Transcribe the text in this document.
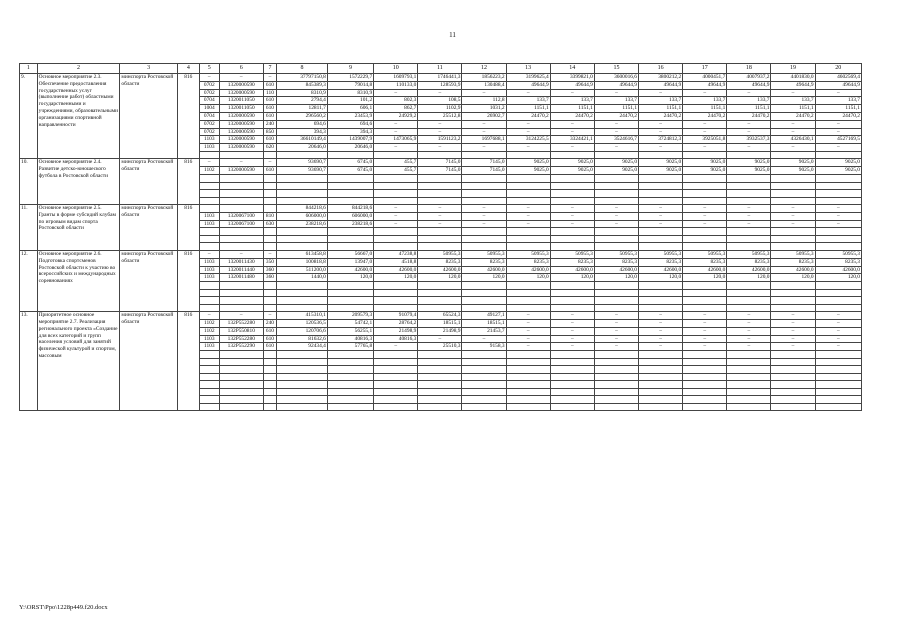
11
1	2	3	4	5	6	7	8	9	10	11	12	13	14	15	16	17	18	19	20
9.	Основное мероприятие 2.3. Обеспечение предоставления государственных услуг (выполнение работ) областными государственными и учреждениями, образовательными организациями спортивной направленности	минспорта Ростовской области	816	–	–	–	37797150,8	1572229,7	1609793,1	1746441,3	1856223,2	3199625,4	3399821,0	3600016,6	3800212,2	4000451,7	4007937,2	4401830,0	4602569,4
				0702	1320000590	610	845389,3	79014,8	110133,0	128593,9	130488,4	49644,9	49644,9	49644,9	49644,9	49644,9	49644,9	49644,9	49644,9
				0702	1320000590	110	8310,9	8310,9	–	–	–	–	–	–	–	–	–	–	–
				0704	1320011050	610	2794,4	101,2	802,3	108,5	112,8	133,7	133,7	133,7	133,7	133,7	133,7	133,7	133,7
				1004	1320011050	610	12811,7	606,1	862,7	1102,9	1031,2	1151,1	1151,1	1151,1	1151,1	1151,1	1151,1	1151,1	1151,1
				0704	1320000590	610	296560,2	23453,9	24929,2	25512,8	26902,7	24470,2	24470,2	24470,2	24470,2	24470,2	24470,2	24470,2	24470,2
				0702	1320000590	240	694,6	694,6	–	–	–	–	–	–	–	–	–	–	–
				0702	1320000590	850	394,3	394,3	–	–	–	–	–	–	–	–	–	–	–
				1103	1320000590	610	36610149,4	1439007,9	1473065,9	1591123,2	1697688,1	3124225,5	3324421,1	3524616,7	3724812,3	3925051,8	3932537,3	4326430,1	4527169,5
				1103	1320000590	620	20646,0	20646,0	–	–	–	–	–	–	–	–	–	–	–

10.	Основное мероприятие 2.4. Развитие детско-юношеского футбола в Ростовской области	минспорта Ростовской области	816	–	–	–	93690,7	6745,0	455,7	7145,0	7145,0	9025,0	9025,0	9025,0	9025,0	9025,0	9025,0	9025,0	9025,0
				1102	1320000590	610	93690,7	6745,0	455,7	7145,0	7145,0	9025,0	9025,0	9025,0	9025,0	9025,0	9025,0	9025,0	9025,0

11.	Основное мероприятие 2.5. Гранты в форме субсидий клубам по игровым видам спорта Ростовской области	минспорта Ростовской области	816				844218,6	844218,6	–	–	–	–	–	–	–	–	–	–	–
				1103	1320067100	810	606000,0	606000,0	–	–	–	–	–	–	–	–	–	–	–
				1103	1320067100	630	238218,6	238218,6	–	–	–	–	–	–	–	–	–	–	–

12.	Основное мероприятие 2.6. Подготовка спортсменов Ростовской области к участию во всероссийских и международных соревнованиях	минспорта Ростовской области	816	–	–	–	613458,8	56667,0	47238,8	50955,3	50955,3	50955,3	50955,3	50955,3	50955,3	50955,3	50955,3	50955,3	50955,3
				1103	1320011430	350	100818,8	13947,0	4518,8	8235,3	8235,3	8235,3	8235,3	8235,3	8235,3	8235,3	8235,3	8235,3	8235,3
				1103	1320011440	360	511200,0	42600,0	42600,0	42600,0	42600,0	42600,0	42600,0	42600,0	42600,0	42600,0	42600,0	42600,0	42600,0
				1103	1320011480	360	1440,0	120,0	120,0	120,0	120,0	120,0	120,0	120,0	120,0	120,0	120,0	120,0	120,0

13.	Приоритетное основное мероприятие 2.7. Реализация регионального проекта «Создание для всех категорий и групп населения условий для занятий физической культурой и спортом, массовым	минспорта Ростовской области	816	–	–	–	415310,1	209579,3	91079,4	65524,3	49127,1	–	–	–	–	–	–	–	–
				1102	132P552280	240	120536,5	54742,1	28764,2	18515,1	18515,1	–	–	–	–	–	–	–	–
				1102	132P550810	610	120706,6	56255,1	21498,9	21498,9	21453,7	–	–	–	–	–	–	–	–
				1103	132P552280	610	81632,6	40816,3	40816,3	–	–	–	–	–	–	–	–	–	–
				1103	132P552290	610	92434,4	57765,8	–	25510,3	9158,3	–	–	–	–	–	–	–	–

Y:\ORST\Ppo\1228p449.f20.docx
